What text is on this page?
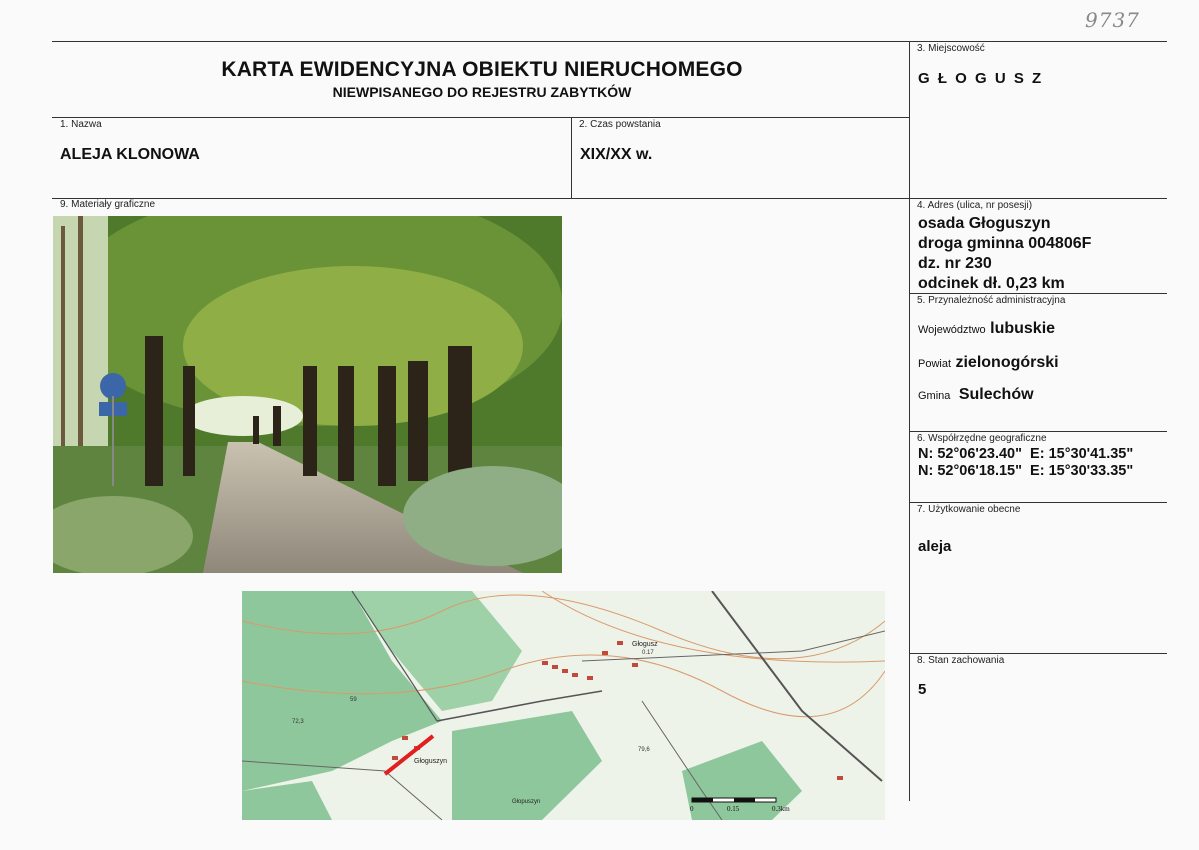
9737
KARTA EWIDENCYJNA OBIEKTU NIERUCHOMEGO
NIEWPISANEGO DO REJESTRU ZABYTKÓW
3. Miejscowość
G Ł O G U S Z
1. Nazwa
ALEJA KLONOWA
2. Czas powstania
XIX/XX w.
9. Materiały graficzne	4. Adres (ulica, nr posesji)
osada Głoguszyn
droga gminna 004806F
dz. nr 230
odcinek dł. 0,23 km
5. Przynależność administracyjna
Województwo lubuskie
Powiat zielonogórski
Gmina Sulechów
6. Współrzędne geograficzne
N: 52°06'23.40"  E: 15°30'41.35"
N: 52°06'18.15"  E: 15°30'33.35"
7. Użytkowanie obecne
aleja
8. Stan zachowania
5
Głoguszyn
Głogusz
Głopuszyn
72,3
0.17
79,6
59
0	0.15	0.3km
